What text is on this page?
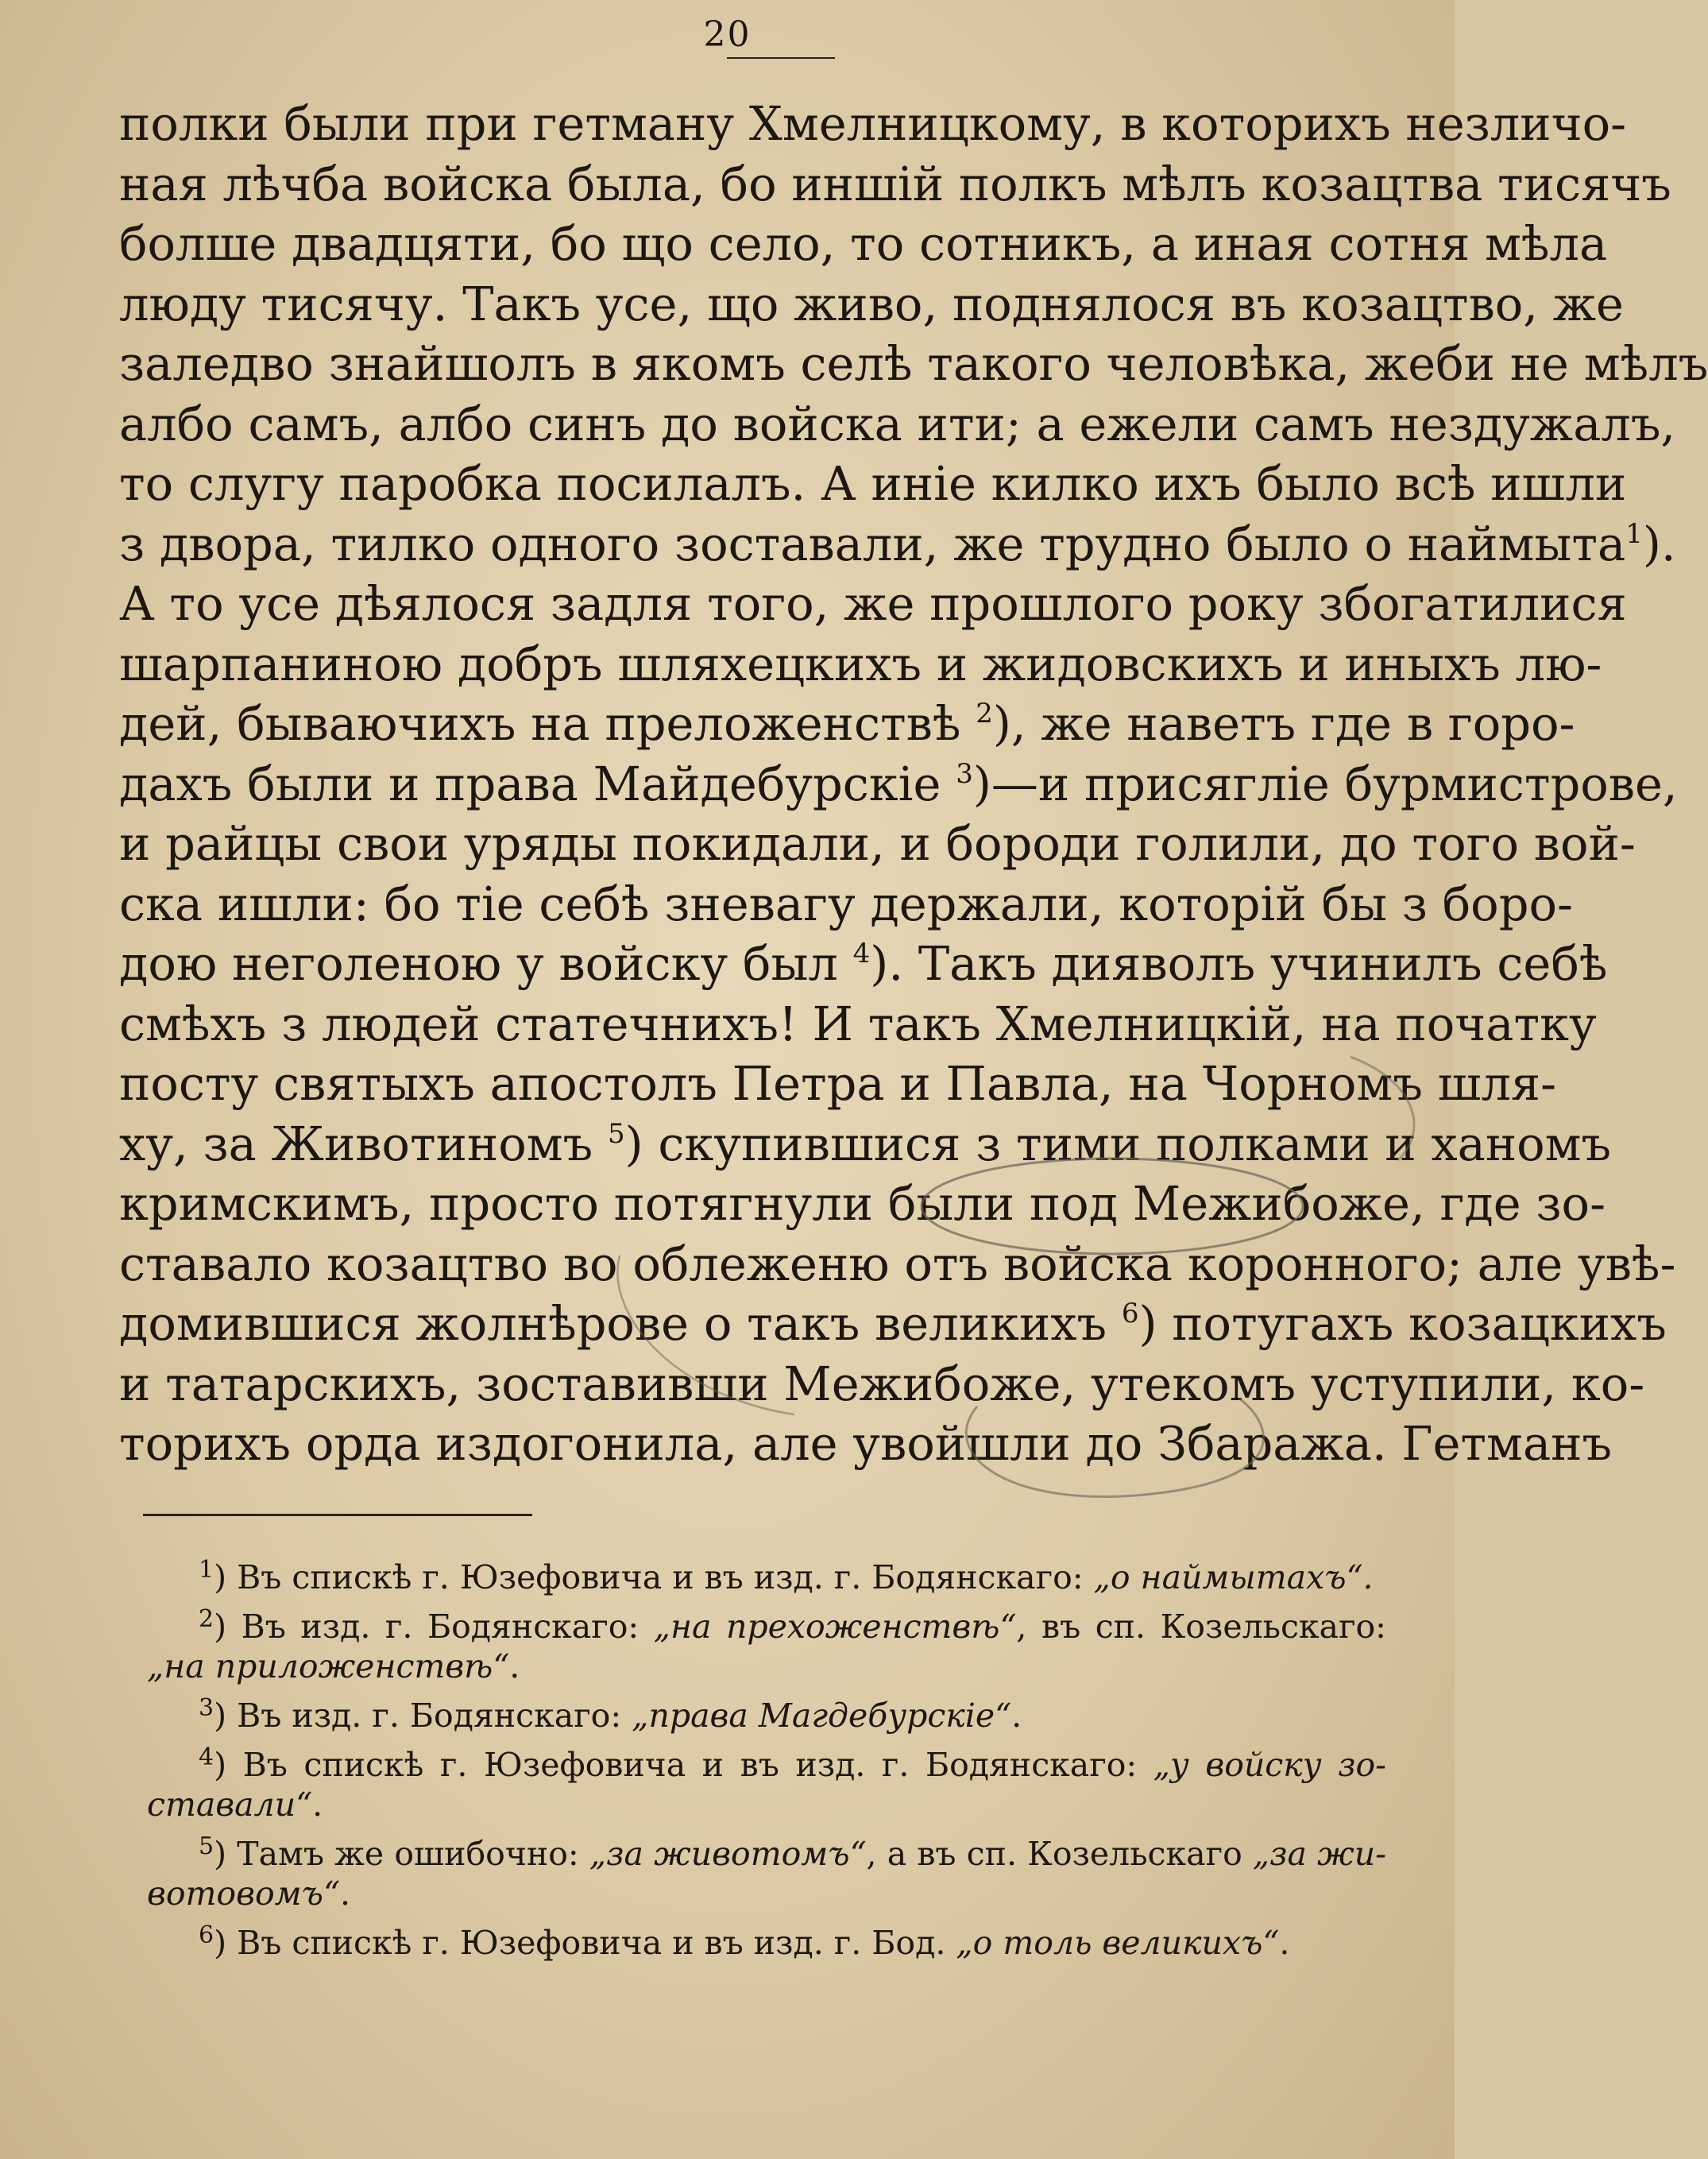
20
полки были при гетману Хмелницкому, в которихъ незличо-
ная лѣчба войска была, бо иншій полкъ мѣлъ козацтва тисячъ
болше двадцяти, бо що село, то сотникъ, а иная сотня мѣла
люду тисячу. Такъ усе, що живо, поднялося въ козацтво, же
заледво знайшолъ в якомъ селѣ такого человѣка, жеби не мѣлъ
албо самъ, албо синъ до войска ити; а ежели самъ нездужалъ,
то слугу паробка посилалъ. А иніе килко ихъ было всѣ ишли
з двора, тилко одного зоставали, же трудно было о наймыта$^1$).
А то усе дѣялося задля того, же прошлого року збогатилися
шарпаниною добръ шляхецкихъ и жидовскихъ и иныхъ лю-
дей, бываючихъ на преложенствѣ $^2$), же наветъ где в горо-
дахъ были и права Майдебурскіе $^3$)—и присягліе бурмистрове,
и райцы свои уряды покидали, и бороди голили, до того вой-
ска ишли: бо тіе себѣ зневагу держали, которій бы з боро-
дою неголеною у войску был $^4$). Такъ дияволъ учинилъ себѣ
смѣхъ з людей статечнихъ! И такъ Хмелницкій, на початку
посту святыхъ апостолъ Петра и Павла, на Чорномъ шля-
ху, за Животиномъ $^5$) скупившися з тими полками и ханомъ
кримскимъ, просто потягнули были под Межибоже, где зо-
ставало козацтво во облеженю отъ войска коронного; але увѣ-
домившися жолнѣрове о такъ великихъ $^6$) потугахъ козацкихъ
и татарскихъ, зоставивши Межибоже, утекомъ уступили, ко-
торихъ орда издогонила, але увойшли до Збаража. Гетманъ
$^1$) Въ спискѣ г. Юзефовича и въ изд. г. Бодянскаго: „о наймытахъ“.
$^2$) Въ изд. г. Бодянскаго: „на прехоженствѣ“, въ сп. Козельскаго:
„на приложенствѣ“.
$^3$) Въ изд. г. Бодянскаго: „права Магдебурскіе“.
$^4$) Въ спискѣ г. Юзефовича и въ изд. г. Бодянскаго: „у войску зо-
ставали“.
$^5$) Тамъ же ошибочно: „за животомъ“, а въ сп. Козельскаго „за жи-
вотовомъ“.
$^6$) Въ спискѣ г. Юзефовича и въ изд. г. Бод. „о толь великихъ“.
